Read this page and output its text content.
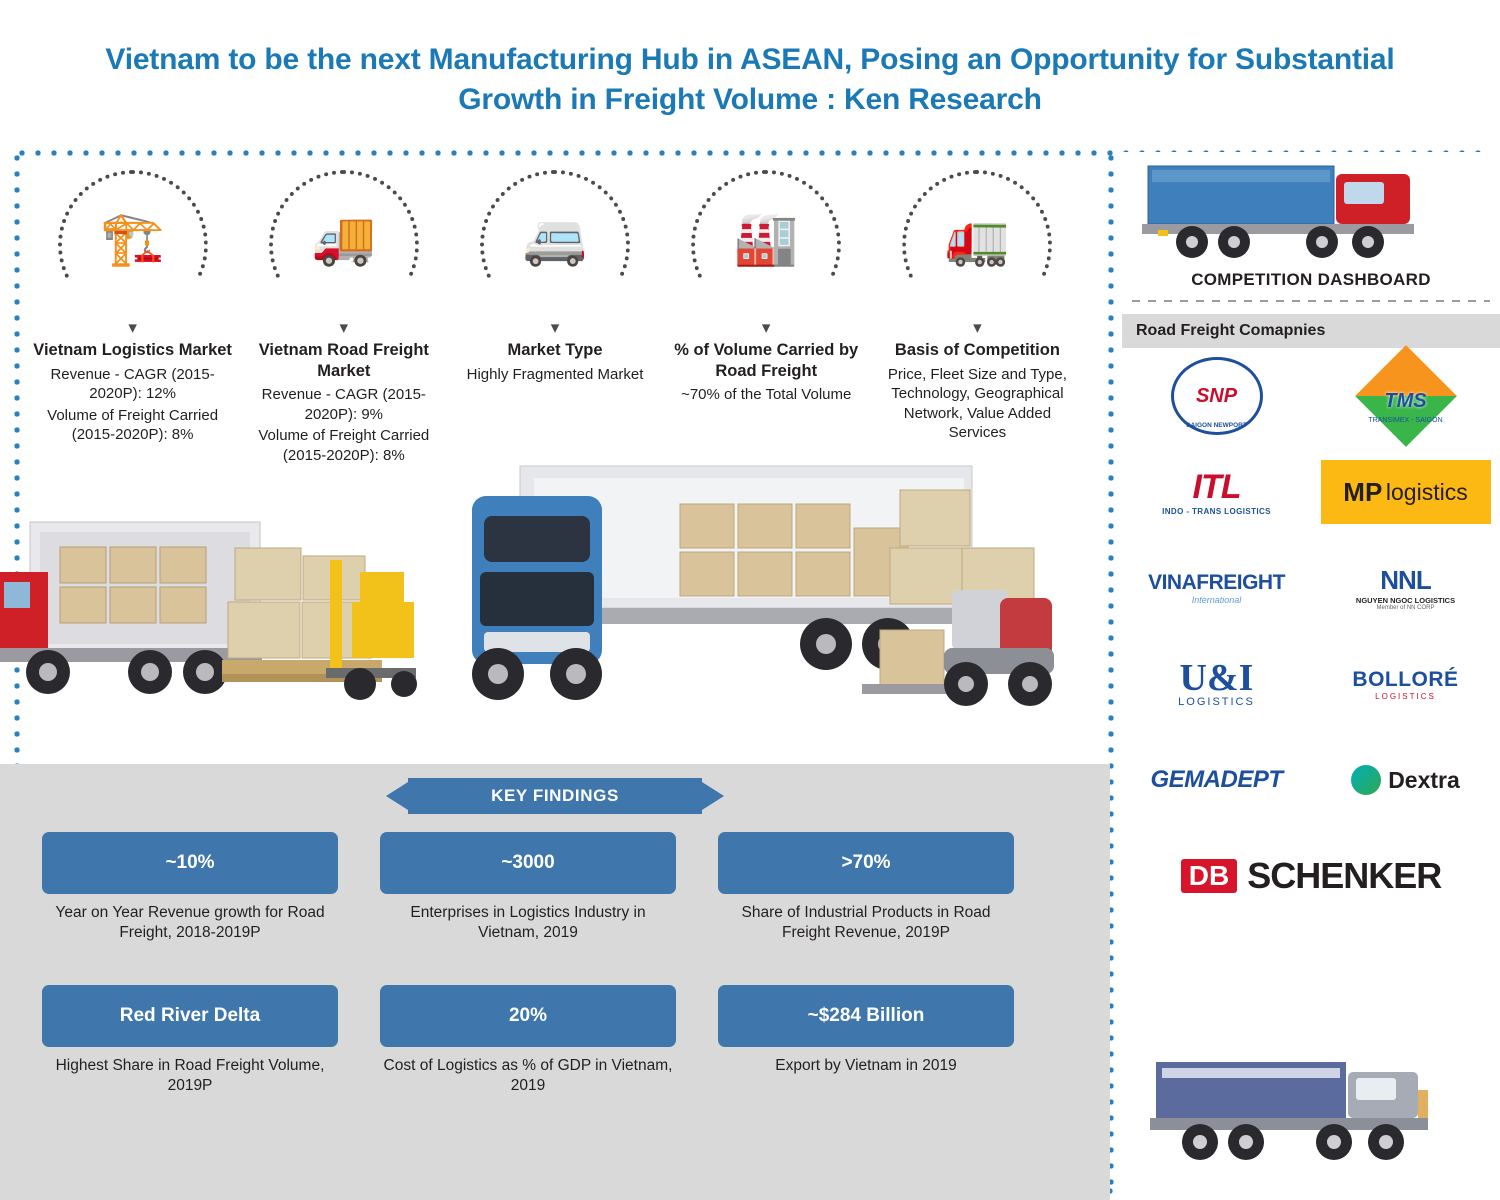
Vietnam to be the next Manufacturing Hub in ASEAN, Posing an Opportunity for Substantial Growth in Freight Volume : Ken Research
🏗️
▾
Vietnam Logistics Market

Revenue - CAGR (2015-2020P): 12%

Volume of Freight Carried (2015-2020P): 8%

🚚
▾
Vietnam Road Freight Market

Revenue - CAGR (2015-2020P): 9%

Volume of Freight Carried (2015-2020P): 8%

🚐
▾
Market Type

Highly Fragmented Market

🏭
▾
% of Volume Carried by Road Freight

~70% of the Total Volume

🚛
▾
Basis of Competition

Price, Fleet Size and Type, Technology, Geographical Network, Value Added Services

KEY FINDINGS
~10%
Year on Year Revenue growth for Road Freight, 2018-2019P
~3000
Enterprises in Logistics Industry in Vietnam, 2019
>70%
Share of Industrial Products in Road Freight Revenue, 2019P
Red River Delta
Highest Share in Road Freight Volume, 2019P
20%
Cost of Logistics as % of GDP in Vietnam, 2019
~$284 Billion
Export by Vietnam in 2019
COMPETITION DASHBOARD
Road Freight Comapnies
SNP
SAIGON NEWPORT
TMS
TRANSIMEX - SAIGON
ITL
INDO - TRANS LOGISTICS
MP
logistics
VINAFREIGHT
International
NNL
NGUYEN NGOC LOGISTICS
Member of NN CORP
U&I
LOGISTICS
BOLLORÉ
LOGISTICS
GEMADEPT	Dextra
DB SCHENKER
